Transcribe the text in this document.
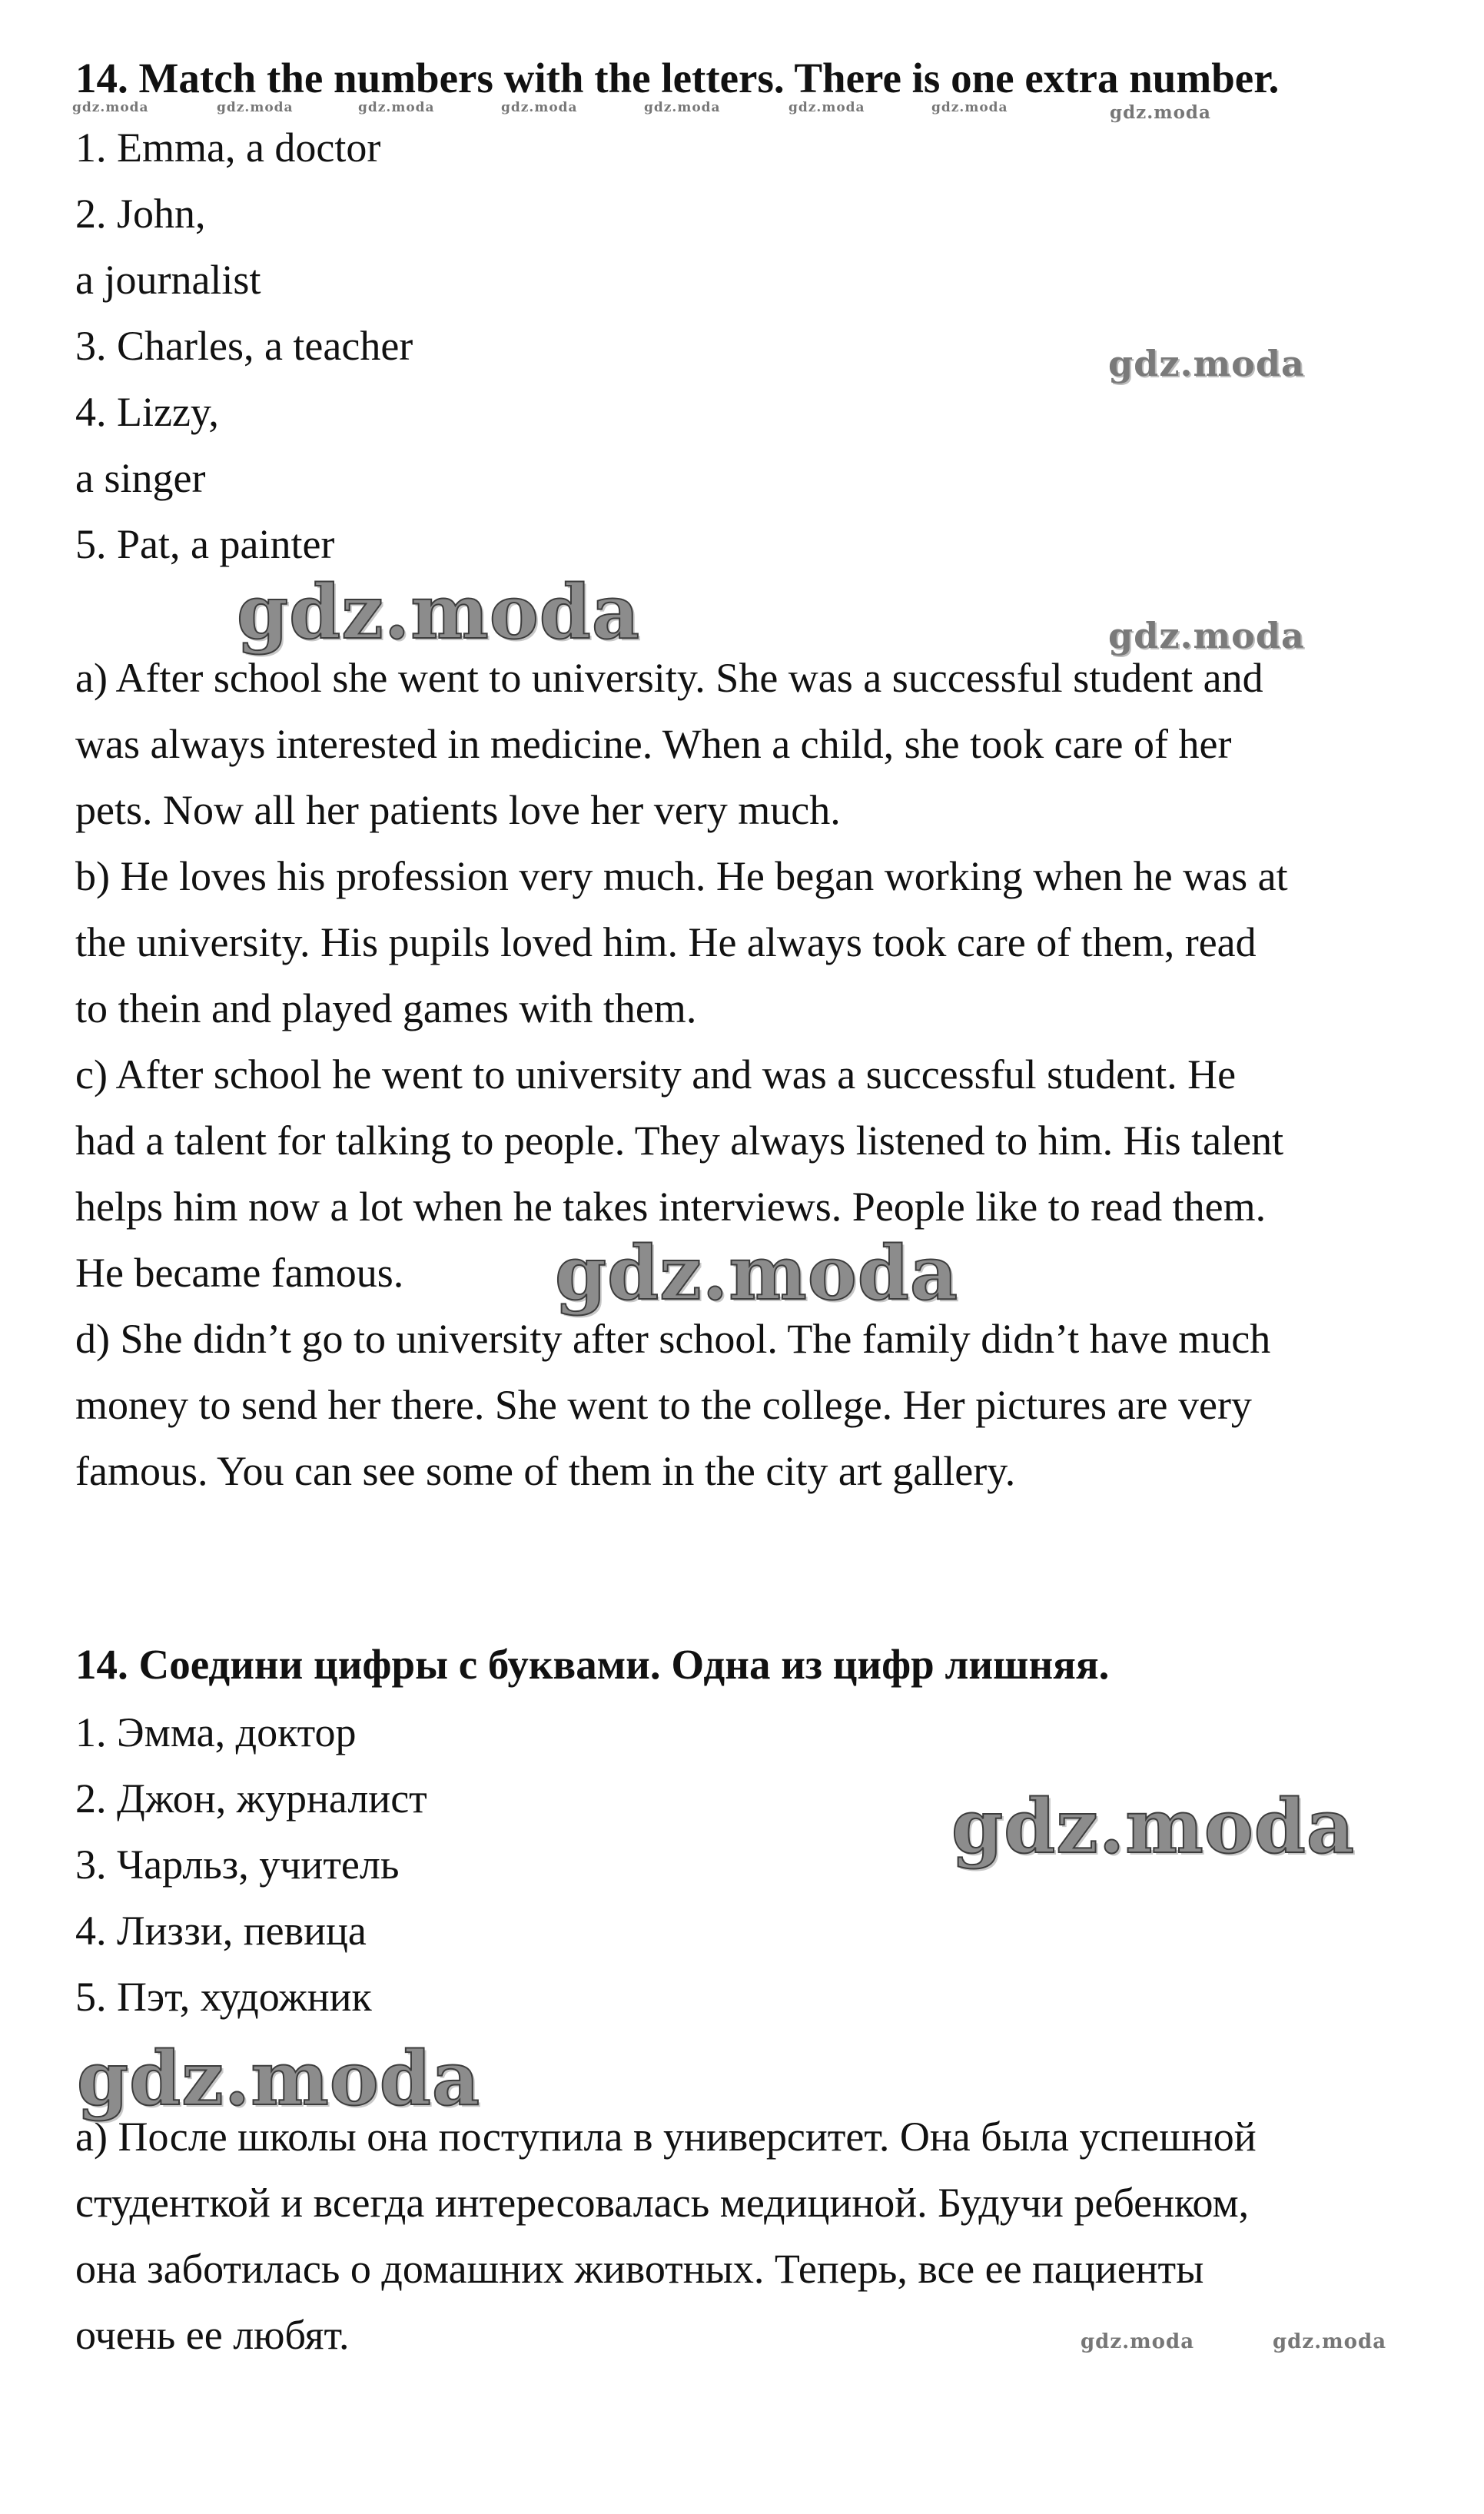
14. Match the numbers with the letters. There is one extra number.
1. Emma, a doctor
2. John,
a journalist
3. Charles, a teacher
4. Lizzy,
a singer
5. Pat, a painter
a) After school she went to university. She was a successful student and
was always interested in medicine. When a child, she took care of her
pets. Now all her patients love her very much.
b) He loves his profession very much. He began working when he was at
the university. His pupils loved him. He always took care of them, read
to thein and played games with them.
c) After school he went to university and was a successful student. He
had a talent for talking to people. They always listened to him. His talent
helps him now a lot when he takes interviews. People like to read them.
He became famous.
d) She didn’t go to university after school. The family didn’t have much
money to send her there. She went to the college. Her pictures are very
famous. You can see some of them in the city art gallery.
14. Соедини цифры с буквами. Одна из цифр лишняя.
1. Эмма, доктор
2. Джон, журналист
3. Чарльз, учитель
4. Лиззи, певица
5. Пэт, художник
а) После школы она поступила в университет. Она была успешной
студенткой и всегда интересовалась медициной. Будучи ребенком,
она заботилась о домашних животных. Теперь, все ее пациенты
очень ее любят.
gdz.moda	gdz.moda	gdz.moda	gdz.moda	gdz.moda	gdz.moda	gdz.moda	gdz.moda
gdz.moda
gdz.moda
gdz.moda
gdz.moda
gdz.moda
gdz.moda
gdz.moda	gdz.moda
